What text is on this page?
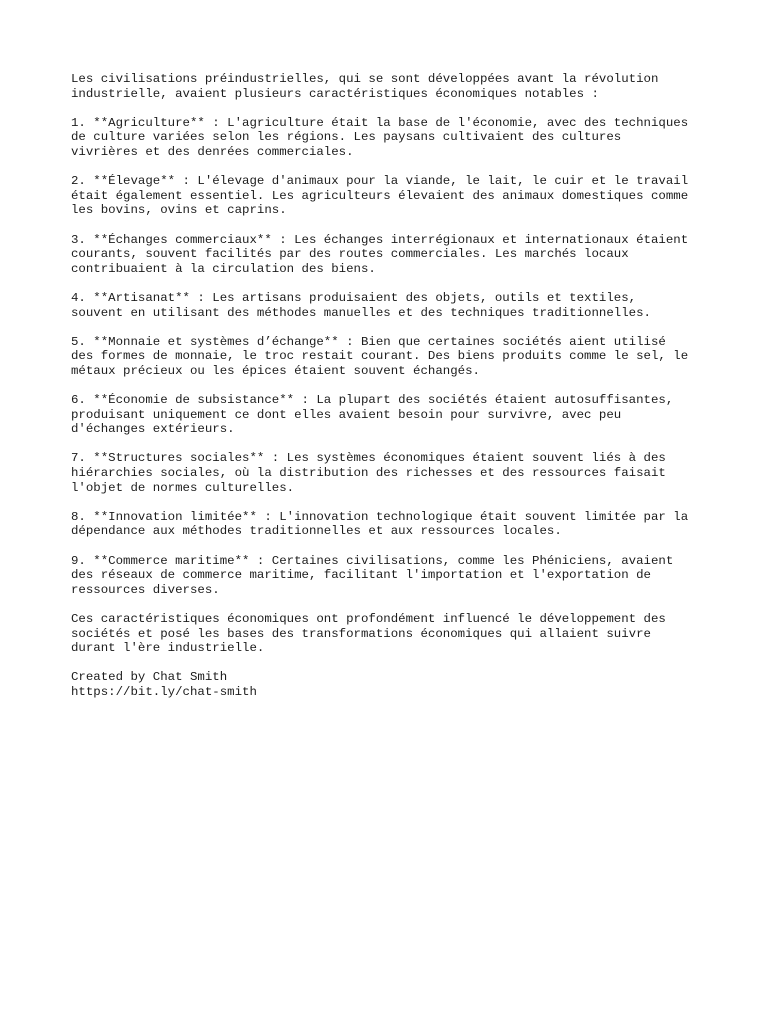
Les civilisations préindustrielles, qui se sont développées avant la révolution
industrielle, avaient plusieurs caractéristiques économiques notables :

1. **Agriculture** : L'agriculture était la base de l'économie, avec des techniques
de culture variées selon les régions. Les paysans cultivaient des cultures
vivrières et des denrées commerciales.

2. **Élevage** : L'élevage d'animaux pour la viande, le lait, le cuir et le travail
était également essentiel. Les agriculteurs élevaient des animaux domestiques comme
les bovins, ovins et caprins.

3. **Échanges commerciaux** : Les échanges interrégionaux et internationaux étaient
courants, souvent facilités par des routes commerciales. Les marchés locaux
contribuaient à la circulation des biens.

4. **Artisanat** : Les artisans produisaient des objets, outils et textiles,
souvent en utilisant des méthodes manuelles et des techniques traditionnelles.

5. **Monnaie et systèmes d’échange** : Bien que certaines sociétés aient utilisé
des formes de monnaie, le troc restait courant. Des biens produits comme le sel, le
métaux précieux ou les épices étaient souvent échangés.

6. **Économie de subsistance** : La plupart des sociétés étaient autosuffisantes,
produisant uniquement ce dont elles avaient besoin pour survivre, avec peu
d'échanges extérieurs.

7. **Structures sociales** : Les systèmes économiques étaient souvent liés à des
hiérarchies sociales, où la distribution des richesses et des ressources faisait
l'objet de normes culturelles.

8. **Innovation limitée** : L'innovation technologique était souvent limitée par la
dépendance aux méthodes traditionnelles et aux ressources locales.

9. **Commerce maritime** : Certaines civilisations, comme les Phéniciens, avaient
des réseaux de commerce maritime, facilitant l'importation et l'exportation de
ressources diverses.

Ces caractéristiques économiques ont profondément influencé le développement des
sociétés et posé les bases des transformations économiques qui allaient suivre
durant l'ère industrielle.

Created by Chat Smith
https://bit.ly/chat-smith
